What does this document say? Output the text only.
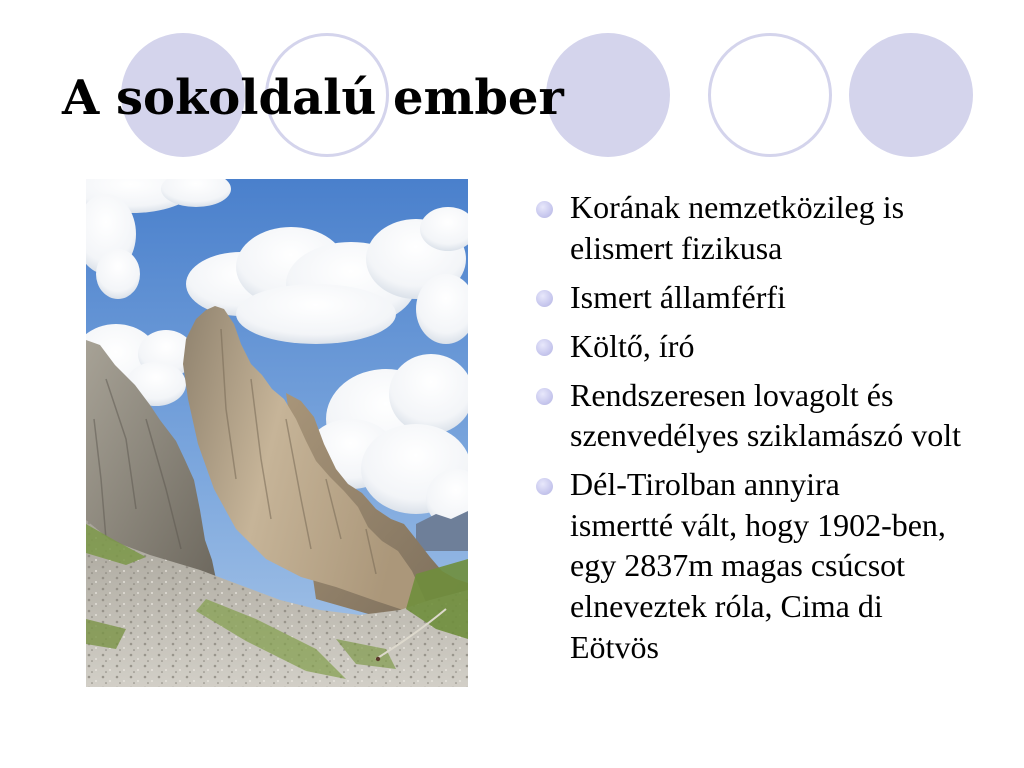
A sokoldalú ember
Korának nemzetközileg is
elismert fizikusa
Ismert államférfi
Költő, író
Rendszeresen lovagolt és
szenvedélyes sziklamászó volt
Dél-Tirolban annyira
ismertté vált, hogy 1902-ben,
egy 2837m magas csúcsot
elneveztek róla, Cima di
Eötvös
